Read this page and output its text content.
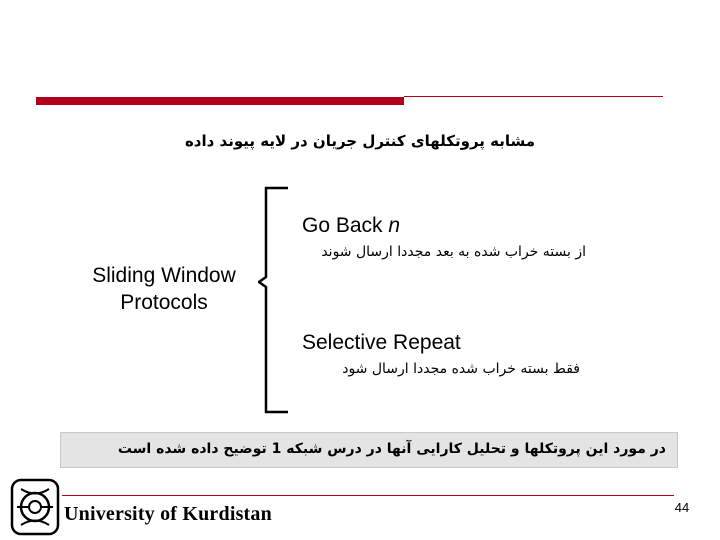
مشابه پروتکلهای کنترل جریان در لایه پیوند داده
Sliding Window Protocols
Go Back n
از بسته خراب شده به بعد مجددا ارسال شوند
Selective Repeat
فقط بسته خراب شده مجددا ارسال شود
در مورد این پروتکلها و تحلیل کارایی آنها در درس شبکه 1 توضیح داده شده است
University of Kurdistan	44
